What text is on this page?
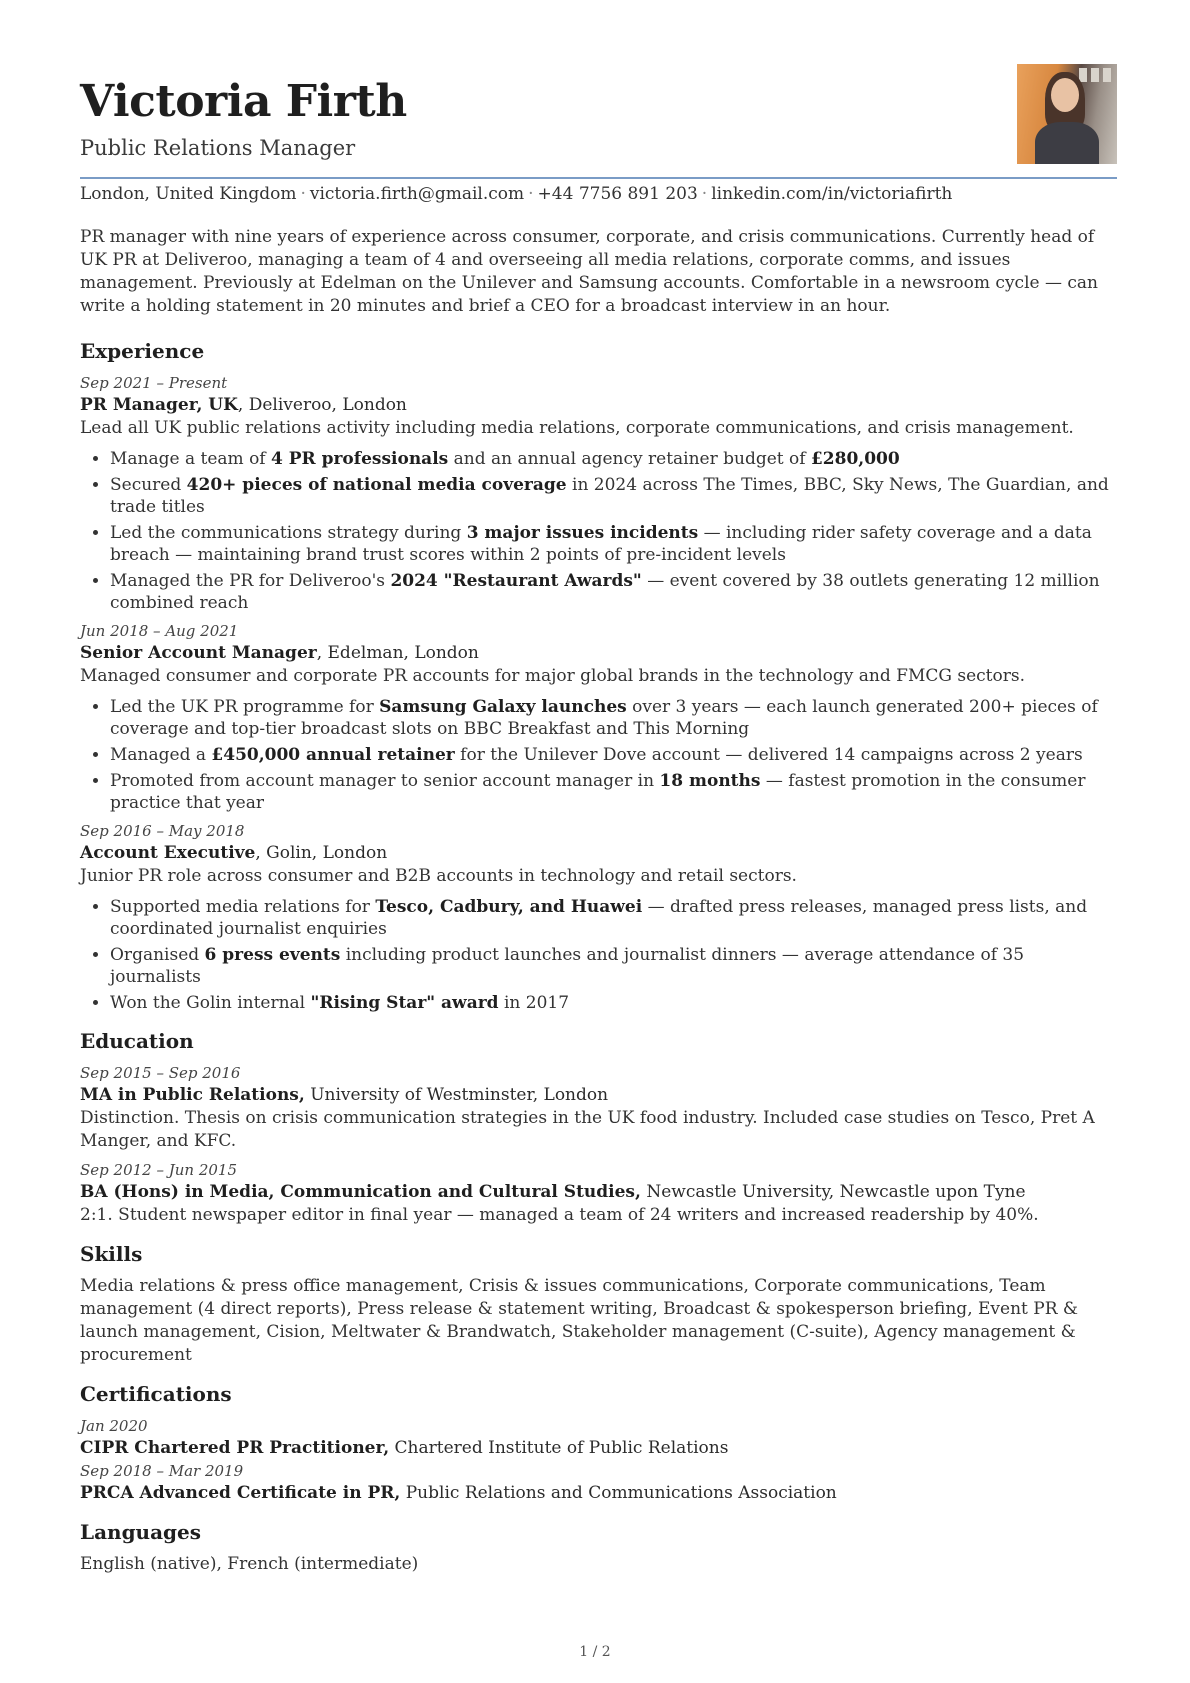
Victoria Firth
Public Relations Manager
London, United Kingdom · victoria.firth@gmail.com · +44 7756 891 203 · linkedin.com/in/victoriafirth
PR manager with nine years of experience across consumer, corporate, and crisis communications. Currently head of UK PR at Deliveroo, managing a team of 4 and overseeing all media relations, corporate comms, and issues management. Previously at Edelman on the Unilever and Samsung accounts. Comfortable in a newsroom cycle — can write a holding statement in 20 minutes and brief a CEO for a broadcast interview in an hour.
Experience
Sep 2021 – Present
PR Manager, UK, Deliveroo, London
Lead all UK public relations activity including media relations, corporate communications, and crisis management.
• Manage a team of 4 PR professionals and an annual agency retainer budget of £280,000
• Secured 420+ pieces of national media coverage in 2024 across The Times, BBC, Sky News, The Guardian, and trade titles
• Led the communications strategy during 3 major issues incidents — including rider safety coverage and a data breach — maintaining brand trust scores within 2 points of pre-incident levels
• Managed the PR for Deliveroo's 2024 "Restaurant Awards" — event covered by 38 outlets generating 12 million combined reach
Jun 2018 – Aug 2021
Senior Account Manager, Edelman, London
Managed consumer and corporate PR accounts for major global brands in the technology and FMCG sectors.
• Led the UK PR programme for Samsung Galaxy launches over 3 years — each launch generated 200+ pieces of coverage and top-tier broadcast slots on BBC Breakfast and This Morning
• Managed a £450,000 annual retainer for the Unilever Dove account — delivered 14 campaigns across 2 years
• Promoted from account manager to senior account manager in 18 months — fastest promotion in the consumer practice that year
Sep 2016 – May 2018
Account Executive, Golin, London
Junior PR role across consumer and B2B accounts in technology and retail sectors.
• Supported media relations for Tesco, Cadbury, and Huawei — drafted press releases, managed press lists, and coordinated journalist enquiries
• Organised 6 press events including product launches and journalist dinners — average attendance of 35 journalists
• Won the Golin internal "Rising Star" award in 2017
Education
Sep 2015 – Sep 2016
MA in Public Relations, University of Westminster, London
Distinction. Thesis on crisis communication strategies in the UK food industry. Included case studies on Tesco, Pret A Manger, and KFC.
Sep 2012 – Jun 2015
BA (Hons) in Media, Communication and Cultural Studies, Newcastle University, Newcastle upon Tyne
2:1. Student newspaper editor in final year — managed a team of 24 writers and increased readership by 40%.
Skills
Media relations & press office management, Crisis & issues communications, Corporate communications, Team management (4 direct reports), Press release & statement writing, Broadcast & spokesperson briefing, Event PR & launch management, Cision, Meltwater & Brandwatch, Stakeholder management (C-suite), Agency management & procurement
Certifications
Jan 2020
CIPR Chartered PR Practitioner, Chartered Institute of Public Relations
Sep 2018 – Mar 2019
PRCA Advanced Certificate in PR, Public Relations and Communications Association
Languages
English (native), French (intermediate)
1 / 2
